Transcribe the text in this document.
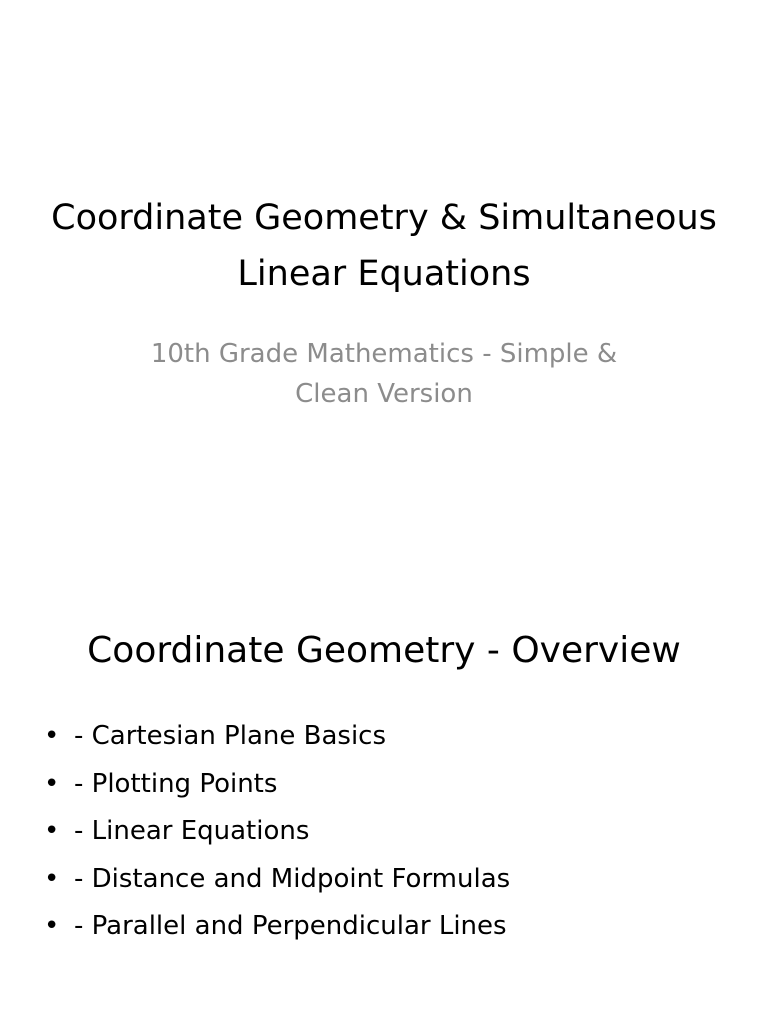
Coordinate Geometry & Simultaneous Linear Equations

10th Grade Mathematics - Simple & Clean Version

Coordinate Geometry - Overview
• - Cartesian Plane Basics
• - Plotting Points
• - Linear Equations
• - Distance and Midpoint Formulas
• - Parallel and Perpendicular Lines
